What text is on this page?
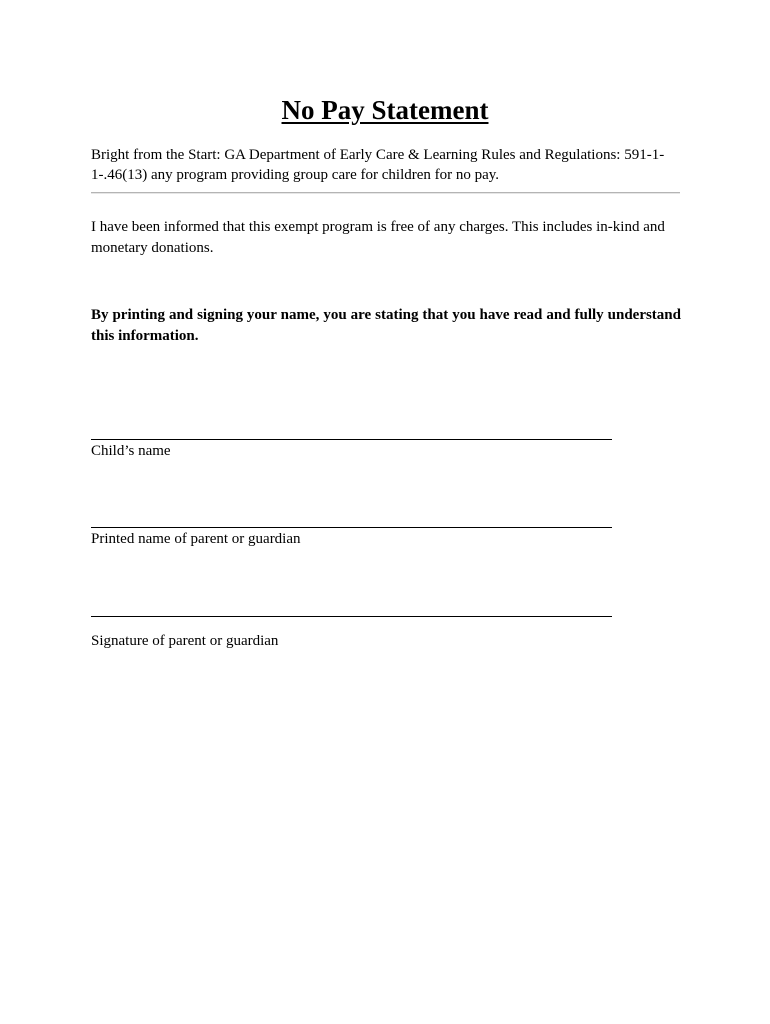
No Pay Statement
Bright from the Start: GA Department of Early Care & Learning Rules and Regulations: 591-1-1-.46(13) any program providing group care for children for no pay.
I have been informed that this exempt program is free of any charges. This includes in-kind and monetary donations.
By printing and signing your name, you are stating that you have read and fully understand this information.
Child’s name
Printed name of parent or guardian
Signature of parent or guardian
